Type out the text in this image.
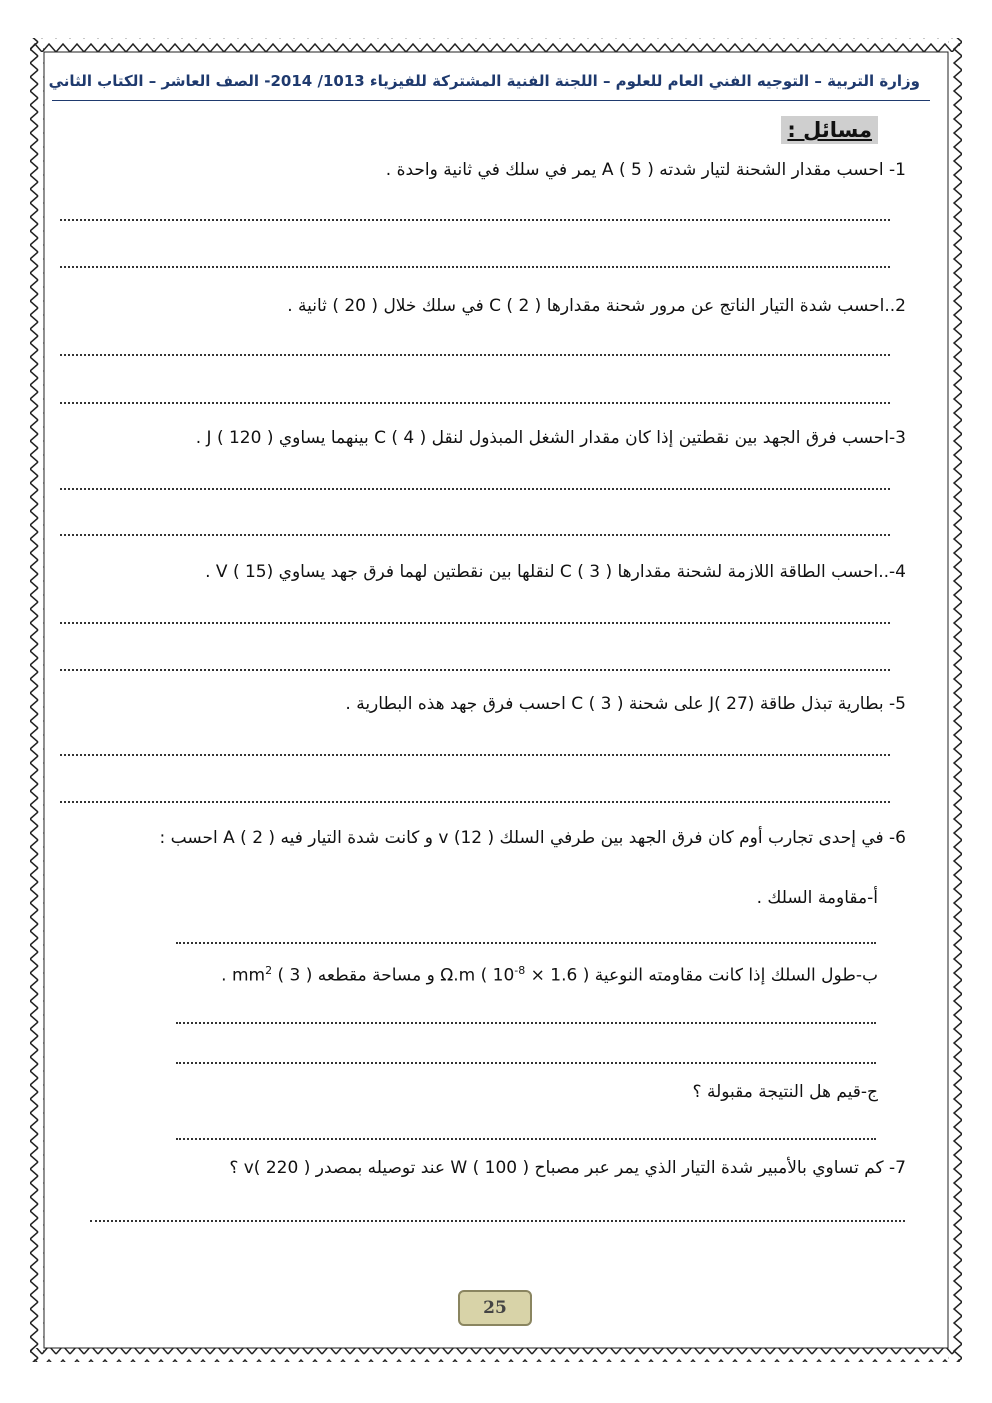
وزارة التربية – التوجيه الفني العام للعلوم – اللجنة الفنية المشتركة للفيزياء 1013/ 2014- الصف العاشر – الكتاب الثاني
مسائل :
1- احسب مقدار الشحنة لتيار شدته A ( 5 ) يمر في سلك في ثانية واحدة .
2..احسب شدة التيار الناتج عن مرور شحنة مقدارها C ( 2 ) في سلك خلال ( 20 ) ثانية .
3-احسب فرق الجهد بين نقطتين إذا كان مقدار الشغل المبذول لنقل C ( 4 ) بينهما يساوي J ( 120 ) .
4-..احسب الطاقة اللازمة لشحنة مقدارها C ( 3 ) لنقلها بين نقطتين لهما فرق جهد يساوي V ( 15) .
5- بطارية تبذل طاقة J( 27) على شحنة C ( 3 ) احسب فرق جهد هذه البطارية .
6- في إحدى تجارب أوم كان فرق الجهد بين طرفي السلك v (12 ) و كانت شدة التيار فيه A ( 2 ) احسب :
أ-مقاومة السلك .
ب-طول السلك إذا كانت مقاومته النوعية Ω.m ( $10^{-8} \times 1.6$ ) و مساحة مقطعه $mm^2$ ( 3 ) .
ج-قيم هل النتيجة مقبولة ؟
7- كم تساوي بالأمبير شدة التيار الذي يمر عبر مصباح W ( 100 ) عند توصيله بمصدر v( 220 ) ؟
25
